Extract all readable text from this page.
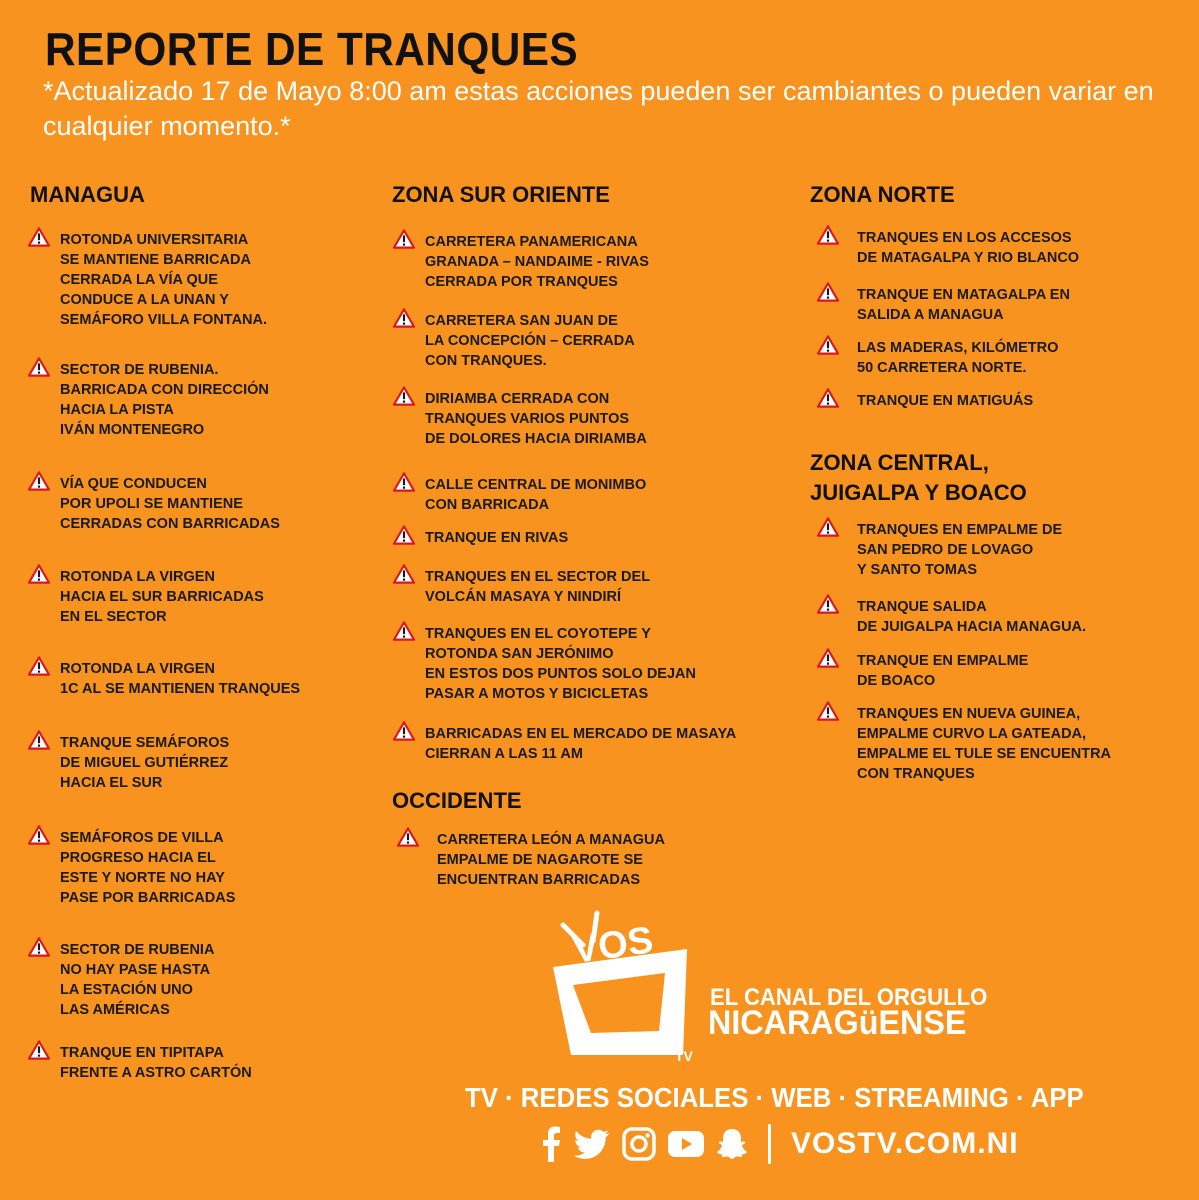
REPORTE DE TRANQUES

*Actualizado 17 de Mayo 8:00 am estas acciones pueden ser cambiantes o pueden variar en cualquier momento.*

MANAGUA
ROTONDA UNIVERSITARIA
SE MANTIENE BARRICADA
CERRADA LA VÍA QUE
CONDUCE A LA UNAN Y
SEMÁFORO VILLA FONTANA.
SECTOR DE RUBENIA.
BARRICADA CON DIRECCIÓN
HACIA LA PISTA
IVÁN MONTENEGRO
VÍA QUE CONDUCEN
POR UPOLI SE MANTIENE
CERRADAS CON BARRICADAS
ROTONDA LA VIRGEN
HACIA EL SUR BARRICADAS
EN EL SECTOR
ROTONDA LA VIRGEN
1C AL SE MANTIENEN TRANQUES
TRANQUE SEMÁFOROS
DE MIGUEL GUTIÉRREZ
HACIA EL SUR
SEMÁFOROS DE VILLA
PROGRESO HACIA EL
ESTE Y NORTE NO HAY
PASE POR BARRICADAS
SECTOR DE RUBENIA
NO HAY PASE HASTA
LA ESTACIÓN UNO
LAS AMÉRICAS
TRANQUE EN TIPITAPA
FRENTE A ASTRO CARTÓN
ZONA SUR ORIENTE
CARRETERA PANAMERICANA
GRANADA – NANDAIME - RIVAS
CERRADA POR TRANQUES
CARRETERA SAN JUAN DE
LA CONCEPCIÓN – CERRADA
CON TRANQUES.
DIRIAMBA CERRADA CON
TRANQUES VARIOS PUNTOS
DE DOLORES HACIA DIRIAMBA
CALLE CENTRAL DE MONIMBO
CON BARRICADA
TRANQUE EN RIVAS
TRANQUES EN EL SECTOR DEL
VOLCÁN MASAYA Y NINDIRÍ
TRANQUES EN EL COYOTEPE Y
ROTONDA SAN JERÓNIMO
EN ESTOS DOS PUNTOS SOLO DEJAN
PASAR A MOTOS Y BICICLETAS
BARRICADAS EN EL MERCADO DE MASAYA
CIERRAN A LAS 11 AM
OCCIDENTE
CARRETERA LEÓN A MANAGUA
EMPALME DE NAGAROTE SE
ENCUENTRAN BARRICADAS
ZONA NORTE
TRANQUES EN LOS ACCESOS
DE MATAGALPA Y RIO BLANCO
TRANQUE EN MATAGALPA EN
SALIDA A MANAGUA
LAS MADERAS, KILÓMETRO
50 CARRETERA NORTE.
TRANQUE EN MATIGUÁS
ZONA CENTRAL,
JUIGALPA Y BOACO
TRANQUES EN EMPALME DE
SAN PEDRO DE LOVAGO
Y SANTO TOMAS
TRANQUE SALIDA
DE JUIGALPA HACIA MANAGUA.
TRANQUE EN EMPALME
DE BOACO
TRANQUES EN NUEVA GUINEA,
EMPALME CURVO LA GATEADA,
EMPALME EL TULE SE ENCUENTRA
CON TRANQUES
VOS
TV
EL CANAL DEL ORGULLO
NICARAGüENSE
TV · REDES SOCIALES · WEB · STREAMING · APP
VOSTV.COM.NI
